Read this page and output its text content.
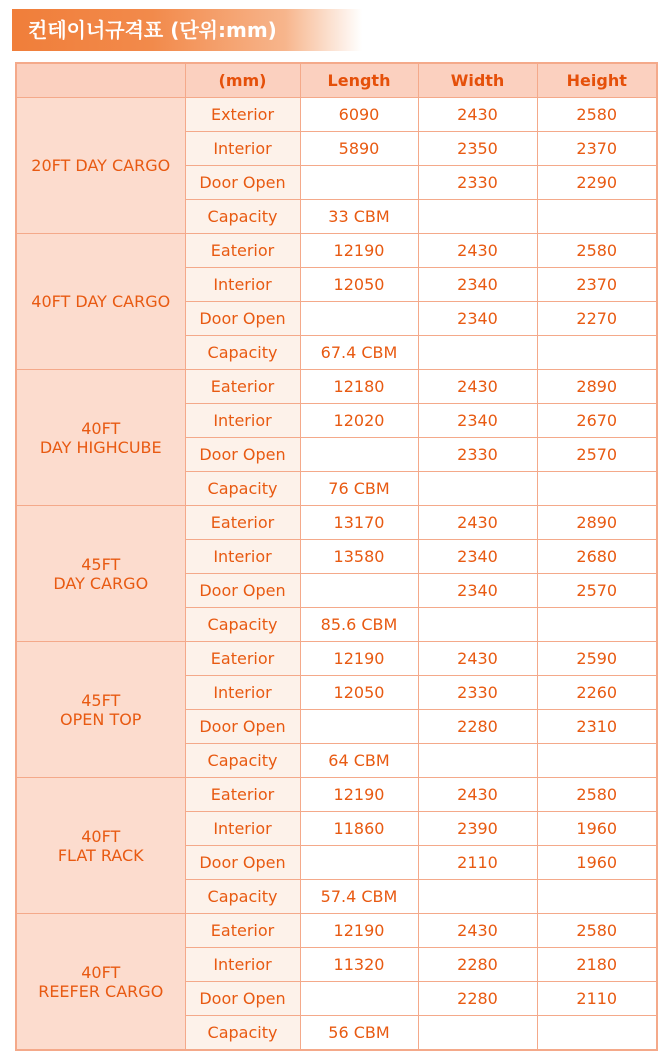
컨테이너규격표 (단위:mm)
	(mm)	Length	Width	Height

20FT DAY CARGO	Exterior	6090	2430	2580
	Interior	5890	2350	2370
	Door Open		2330	2290
	Capacity	33 CBM		

40FT DAY CARGO	Eaterior	12190	2430	2580
	Interior	12050	2340	2370
	Door Open		2340	2270
	Capacity	67.4 CBM		

40FT
DAY HIGHCUBE	Eaterior	12180	2430	2890
	Interior	12020	2340	2670
	Door Open		2330	2570
	Capacity	76 CBM		

45FT
DAY CARGO	Eaterior	13170	2430	2890
	Interior	13580	2340	2680
	Door Open		2340	2570
	Capacity	85.6 CBM		

45FT
OPEN TOP	Eaterior	12190	2430	2590
	Interior	12050	2330	2260
	Door Open		2280	2310
	Capacity	64 CBM		

40FT
FLAT RACK	Eaterior	12190	2430	2580
	Interior	11860	2390	1960
	Door Open		2110	1960
	Capacity	57.4 CBM		

40FT
REEFER CARGO	Eaterior	12190	2430	2580
	Interior	11320	2280	2180
	Door Open		2280	2110
	Capacity	56 CBM		
